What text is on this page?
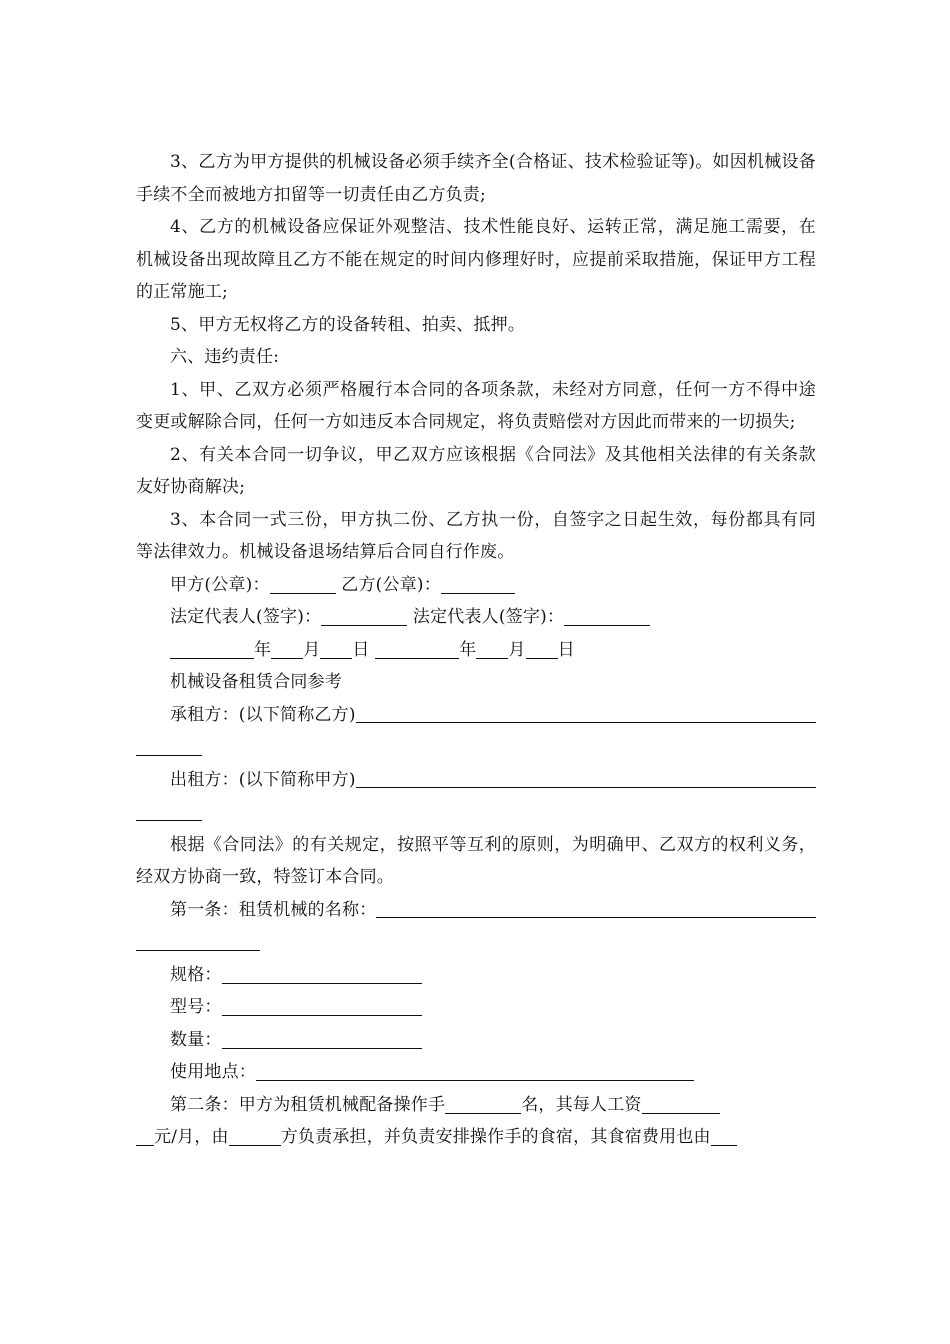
3、乙方为甲方提供的机械设备必须手续齐全(合格证、技术检验证等)。如因机械设备手续不全而被地方扣留等一切责任由乙方负责;

4、乙方的机械设备应保证外观整洁、技术性能良好、运转正常，满足施工需要，在机械设备出现故障且乙方不能在规定的时间内修理好时，应提前采取措施，保证甲方工程的正常施工;

5、甲方无权将乙方的设备转租、拍卖、抵押。

六、违约责任:

1、甲、乙双方必须严格履行本合同的各项条款，未经对方同意，任何一方不得中途变更或解除合同，任何一方如违反本合同规定，将负责赔偿对方因此而带来的一切损失;

2、有关本合同一切争议，甲乙双方应该根据《合同法》及其他相关法律的有关条款友好协商解决;

3、本合同一式三份，甲方执二份、乙方执一份，自签字之日起生效，每份都具有同等法律效力。机械设备退场结算后合同自行作废。

甲方(公章)：	乙方(公章)：

法定代表人(签字)：	法定代表人(签字)：

年 月 日	年 月 日

机械设备租赁合同参考

承租方：(以下简称乙方)
出租方：(以下简称甲方)

根据《合同法》的有关规定，按照平等互利的原则，为明确甲、乙双方的权利义务，经双方协商一致，特签订本合同。

第一条：租赁机械的名称：

规格：

型号：

数量：

使用地点：

第二条：甲方为租赁机械配备操作手	名，其每人工资

元/月，由	方负责承担，并负责安排操作手的食宿，其食宿费用也由
